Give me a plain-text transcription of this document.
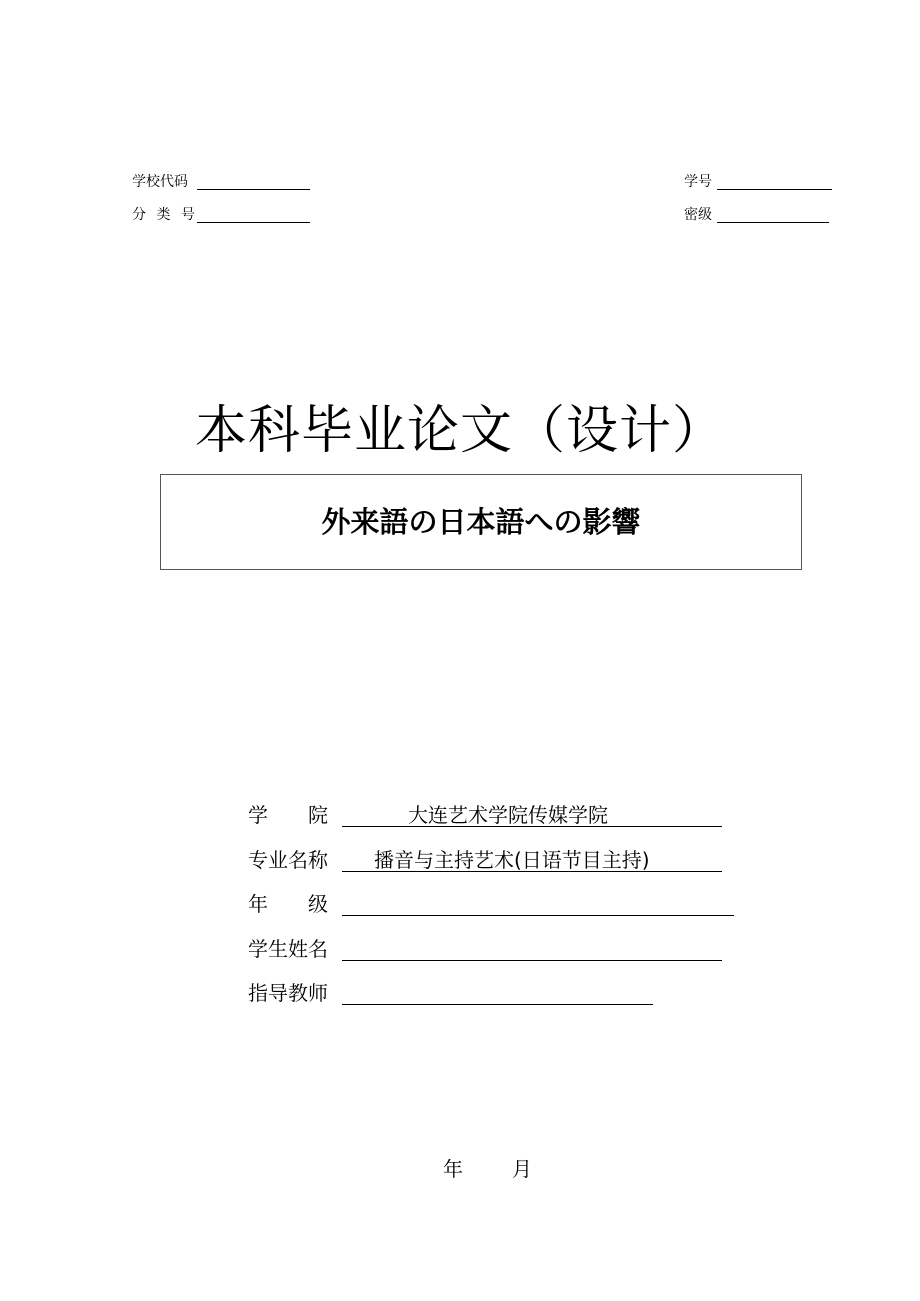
学校代码	学号
分 类 号	密级
本科毕业论文（设计）
外来語の日本語への影響
学　　院	大连艺术学院传媒学院
专业名称 播音与主持艺术(日语节目主持)
年　　级
学生姓名
指导教师
年 月
